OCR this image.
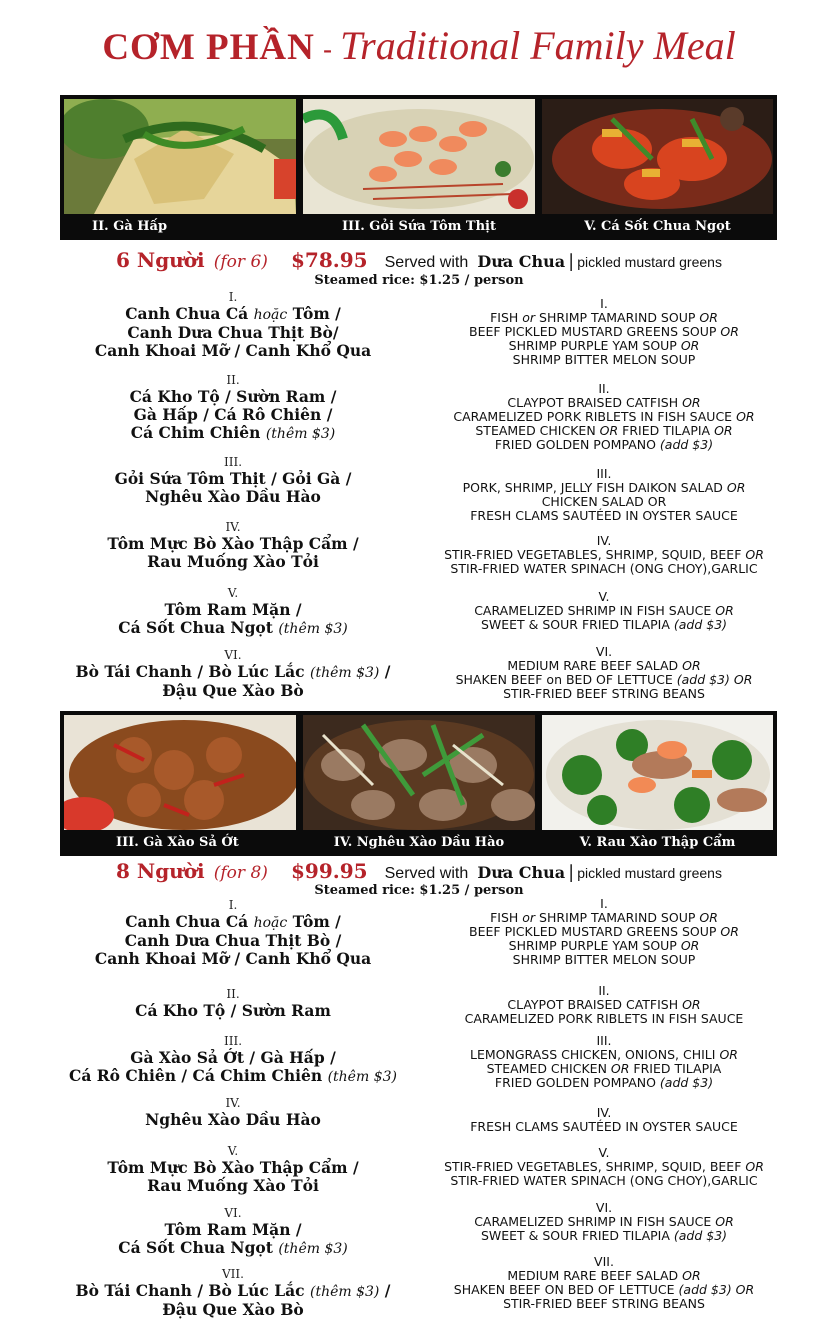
CƠM PHẦN - Traditional Family Meal
II. Gà Hấp	III. Gỏi Sứa Tôm Thịt	V. Cá Sốt Chua Ngọt
6 Người (for 6) $78.95 Served with Dưa Chua | pickled mustard greens
Steamed rice: $1.25 / person
I.
Canh Chua Cá hoặc Tôm /
Canh Dưa Chua Thịt Bò/
Canh Khoai Mỡ / Canh Khổ Qua
II.
Cá Kho Tộ / Sườn Ram /
Gà Hấp / Cá Rô Chiên /
Cá Chim Chiên (thêm $3)
III.
Gỏi Sứa Tôm Thịt / Gỏi Gà /
Nghêu Xào Dầu Hào
IV.
Tôm Mực Bò Xào Thập Cẩm /
Rau Muống Xào Tỏi
V.
Tôm Ram Mặn /
Cá Sốt Chua Ngọt (thêm $3)
VI.
Bò Tái Chanh / Bò Lúc Lắc (thêm $3) /
Đậu Que Xào Bò
I.
FISH or SHRIMP TAMARIND SOUP OR
BEEF PICKLED MUSTARD GREENS SOUP OR
SHRIMP PURPLE YAM SOUP OR
SHRIMP BITTER MELON SOUP
II.
CLAYPOT BRAISED CATFISH OR
CARAMELIZED PORK RIBLETS IN FISH SAUCE OR
STEAMED CHICKEN OR FRIED TILAPIA OR
FRIED GOLDEN POMPANO (add $3)
III.
PORK, SHRIMP, JELLY FISH DAIKON SALAD OR
CHICKEN SALAD OR
FRESH CLAMS SAUTÉED IN OYSTER SAUCE
IV.
STIR-FRIED VEGETABLES, SHRIMP, SQUID, BEEF OR
STIR-FRIED WATER SPINACH (ONG CHOY),GARLIC
V.
CARAMELIZED SHRIMP IN FISH SAUCE OR
SWEET & SOUR FRIED TILAPIA (add $3)
VI.
MEDIUM RARE BEEF SALAD OR
SHAKEN BEEF on BED OF LETTUCE (add $3) OR
STIR-FRIED BEEF STRING BEANS
III. Gà Xào Sả Ớt	IV. Nghêu Xào Dầu Hào	V. Rau Xào Thập Cẩm
8 Người (for 8) $99.95 Served with Dưa Chua | pickled mustard greens
Steamed rice: $1.25 / person
I.
Canh Chua Cá hoặc Tôm /
Canh Dưa Chua Thịt Bò /
Canh Khoai Mỡ / Canh Khổ Qua
II.
Cá Kho Tộ / Sườn Ram
III.
Gà Xào Sả Ớt / Gà Hấp /
Cá Rô Chiên / Cá Chim Chiên (thêm $3)
IV.
Nghêu Xào Dầu Hào
V.
Tôm Mực Bò Xào Thập Cẩm /
Rau Muống Xào Tỏi
VI.
Tôm Ram Mặn /
Cá Sốt Chua Ngọt (thêm $3)
VII.
Bò Tái Chanh / Bò Lúc Lắc (thêm $3) /
Đậu Que Xào Bò
I.
FISH or SHRIMP TAMARIND SOUP OR
BEEF PICKLED MUSTARD GREENS SOUP OR
SHRIMP PURPLE YAM SOUP OR
SHRIMP BITTER MELON SOUP
II.
CLAYPOT BRAISED CATFISH OR
CARAMELIZED PORK RIBLETS IN FISH SAUCE
III.
LEMONGRASS CHICKEN, ONIONS, CHILI OR
STEAMED CHICKEN OR FRIED TILAPIA
FRIED GOLDEN POMPANO (add $3)
IV.
FRESH CLAMS SAUTÉED IN OYSTER SAUCE
V.
STIR-FRIED VEGETABLES, SHRIMP, SQUID, BEEF OR
STIR-FRIED WATER SPINACH (ONG CHOY),GARLIC
VI.
CARAMELIZED SHRIMP IN FISH SAUCE OR
SWEET & SOUR FRIED TILAPIA (add $3)
VII.
MEDIUM RARE BEEF SALAD OR
SHAKEN BEEF ON BED OF LETTUCE (add $3) OR
STIR-FRIED BEEF STRING BEANS
